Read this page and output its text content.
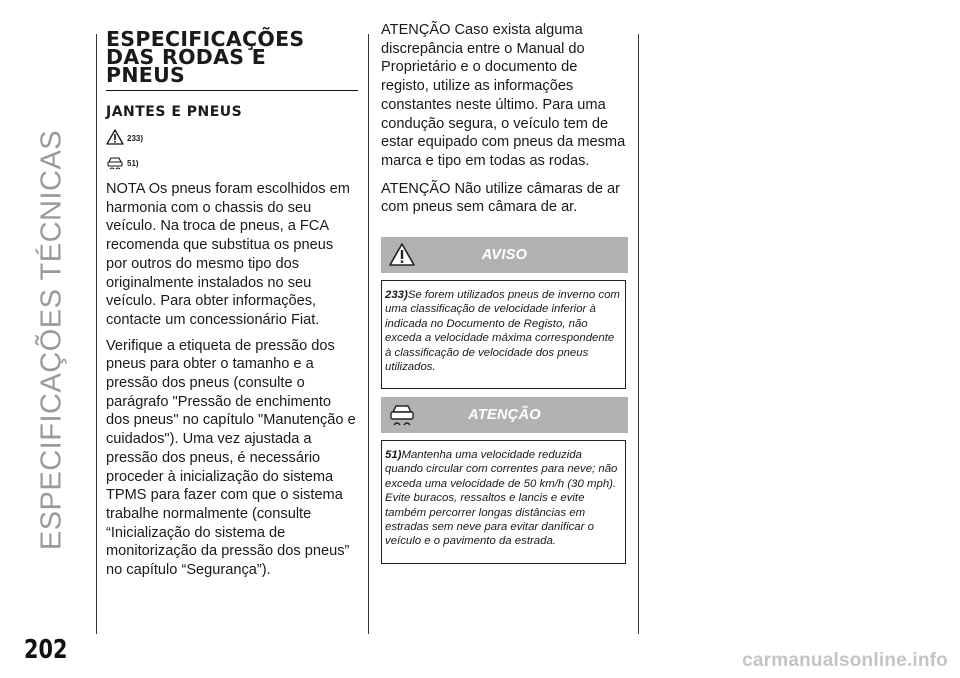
ESPECIFICAÇÕES TÉCNICAS
202
ESPECIFICAÇÕES
DAS RODAS E
PNEUS
JANTES E PNEUS
233)
51)

NOTA Os pneus foram escolhidos em harmonia com o chassis do seu veículo. Na troca de pneus, a FCA recomenda que substitua os pneus por outros do mesmo tipo dos originalmente instalados no seu veículo. Para obter informações, contacte um concessionário Fiat.

Verifique a etiqueta de pressão dos pneus para obter o tamanho e a pressão dos pneus (consulte o parágrafo "Pressão de enchimento dos pneus" no capítulo "Manutenção e cuidados"). Uma vez ajustada a pressão dos pneus, é necessário proceder à inicialização do sistema TPMS para fazer com que o sistema trabalhe normalmente (consulte “Inicialização do sistema de monitorização da pressão dos pneus” no capítulo “Segurança”).

ATENÇÃO Caso exista alguma discrepância entre o Manual do Proprietário e o documento de registo, utilize as informações constantes neste último. Para uma condução segura, o veículo tem de estar equipado com pneus da mesma marca e tipo em todas as rodas.

ATENÇÃO Não utilize câmaras de ar com pneus sem câmara de ar.

AVISO

233)Se forem utilizados pneus de inverno com uma classificação de velocidade inferior à indicada no Documento de Registo, não exceda a velocidade máxima correspondente à classificação de velocidade dos pneus utilizados.

ATENÇÃO

51)Mantenha uma velocidade reduzida quando circular com correntes para neve; não exceda uma velocidade de 50 km/h (30 mph). Evite buracos, ressaltos e lancis e evite também percorrer longas distâncias em estradas sem neve para evitar danificar o veículo e o pavimento da estrada.

carmanualsonline.info
